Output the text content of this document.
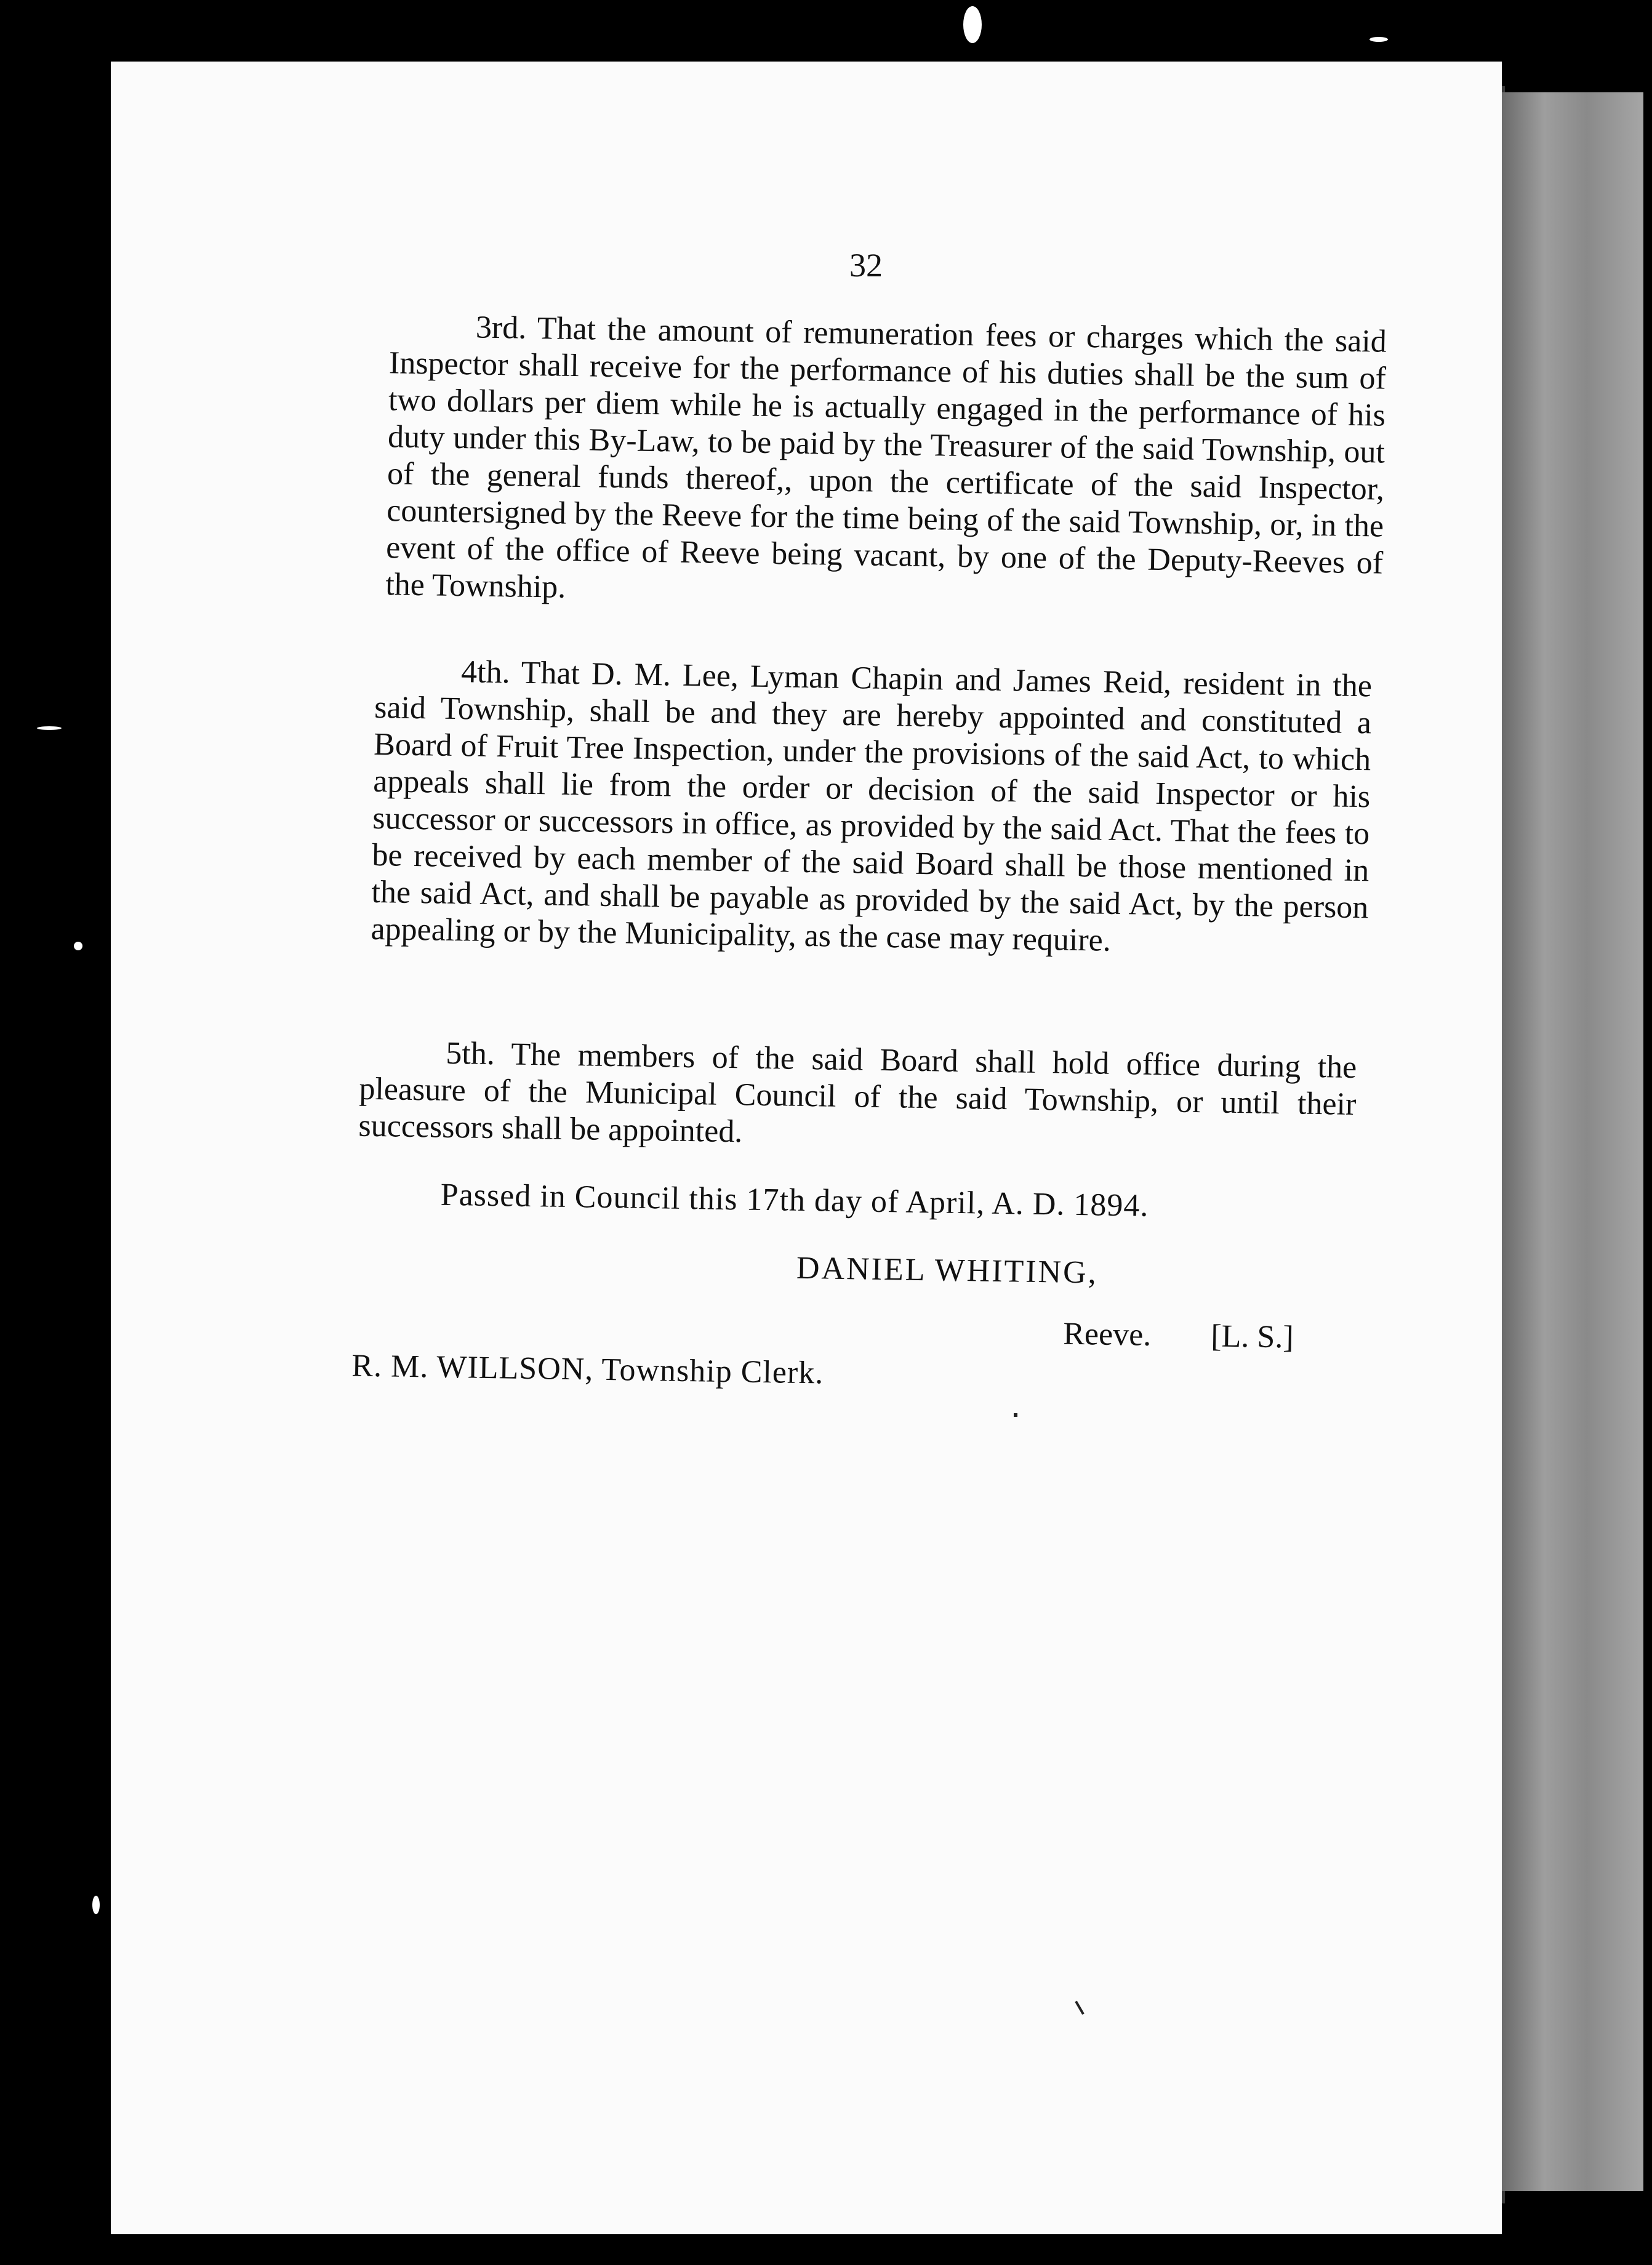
32

3rd. That the amount of remuneration fees or charges which the said Inspector shall receive for the performance of his duties shall be the sum of two dollars per diem while he is actually engaged in the performance of his duty under this By-Law, to be paid by the Treasurer of the said Township, out of the general funds thereof,, upon the certificate of the said Inspector, countersigned by the Reeve for the time being of the said Township, or, in the event of the office of Reeve being vacant, by one of the Deputy-Reeves of the Township.

4th. That D. M. Lee, Lyman Chapin and James Reid, resident in the said Township, shall be and they are hereby appointed and constituted a Board of Fruit Tree Inspection, under the provisions of the said Act, to which appeals shall lie from the order or decision of the said Inspector or his successor or successors in office, as provided by the said Act. That the fees to be received by each member of the said Board shall be those mentioned in the said Act, and shall be payable as provided by the said Act, by the person appealing or by the Municipality, as the case may require.

5th. The members of the said Board shall hold office during the pleasure of the Municipal Council of the said Township, or until their successors shall be appointed.

Passed in Council this 17th day of April, A. D. 1894.
DANIEL WHITING,
Reeve. [L. S.]
R. M. WILLSON, Township Clerk.
